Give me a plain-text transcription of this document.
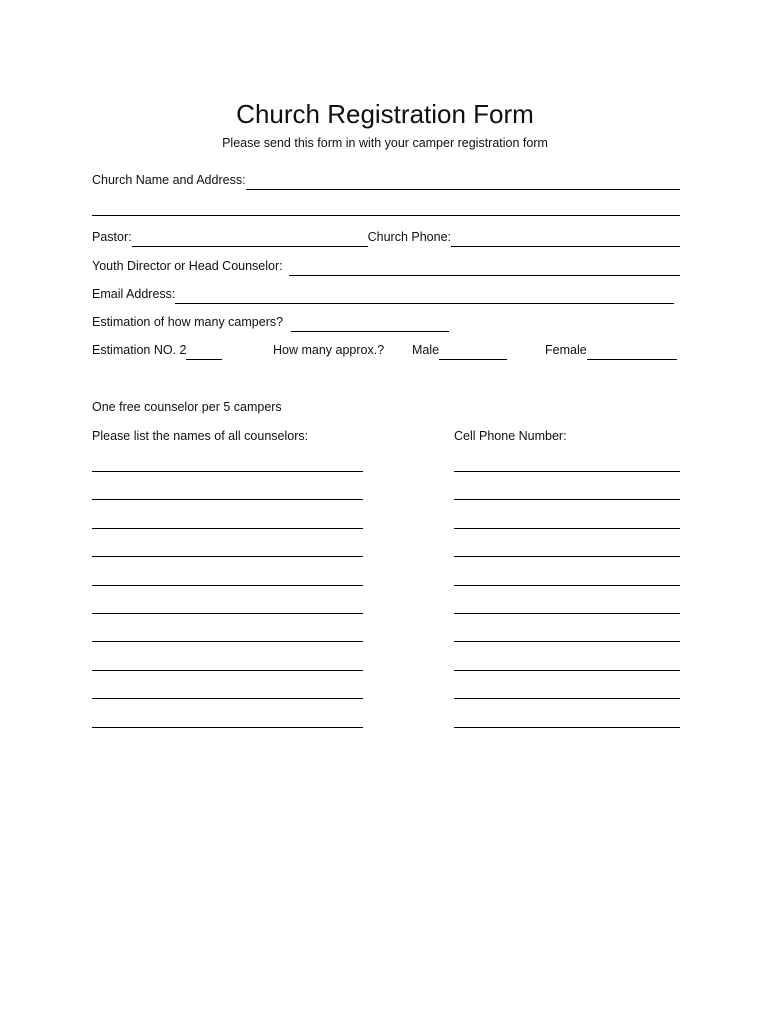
Church Registration Form
Please send this form in with your camper registration form
Church Name and Address:
Pastor:	Church Phone:
Youth Director or Head Counselor:
Email Address:
Estimation of how many campers?
Estimation NO. 2	How many approx.? Male	Female
One free counselor per 5 campers
Please list the names of all counselors:	Cell Phone Number:
